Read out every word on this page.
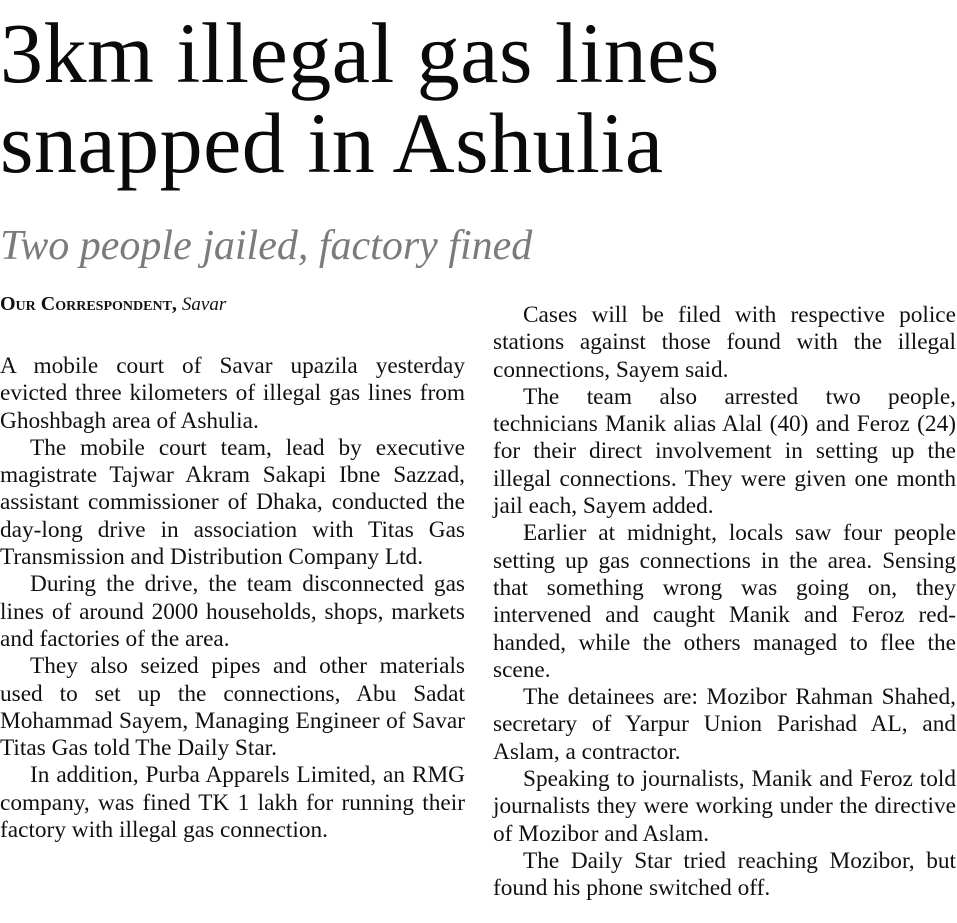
3km illegal gas lines
snapped in Ashulia
Two people jailed, factory fined
Our Correspondent, Savar

A mobile court of Savar upazila yesterday evicted three kilometers of illegal gas lines from Ghoshbagh area of Ashulia.

The mobile court team, lead by executive magistrate Tajwar Akram Sakapi Ibne Sazzad, assistant commissioner of Dhaka, conducted the day-long drive in association with Titas Gas Transmission and Distribution Company Ltd.

During the drive, the team disconnected gas lines of around 2000 households, shops, markets and factories of the area.

They also seized pipes and other materials used to set up the connections, Abu Sadat Mohammad Sayem, Managing Engineer of Savar Titas Gas told The Daily Star.

In addition, Purba Apparels Limited, an RMG company, was fined TK 1 lakh for running their factory with illegal gas connection.

Cases will be filed with respective police stations against those found with the illegal connections, Sayem said.

The team also arrested two people, technicians Manik alias Alal (40) and Feroz (24) for their direct involvement in setting up the illegal connections. They were given one month jail each, Sayem added.

Earlier at midnight, locals saw four people setting up gas connections in the area. Sensing that something wrong was going on, they intervened and caught Manik and Feroz red-handed, while the others managed to flee the scene.

The detainees are: Mozibor Rahman Shahed, secretary of Yarpur Union Parishad AL, and Aslam, a contractor.

Speaking to journalists, Manik and Feroz told journalists they were working under the directive of Mozibor and Aslam.

The Daily Star tried reaching Mozibor, but found his phone switched off.
